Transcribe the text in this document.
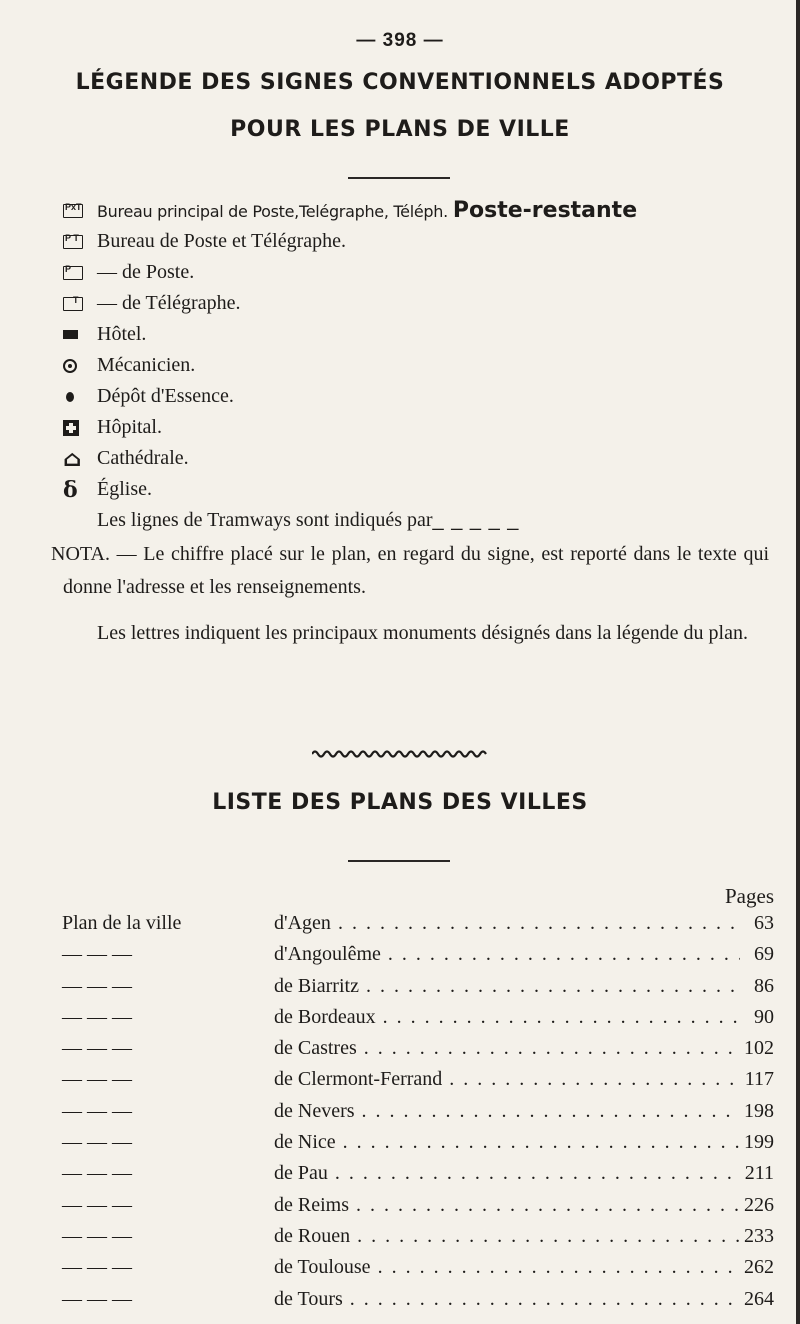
— 398 —
LÉGENDE DES SIGNES CONVENTIONNELS ADOPTÉS
POUR LES PLANS DE VILLE
PxT Bureau principal de Poste,Telégraphe, Téléph. Poste-restante
P T Bureau de Poste et Télégraphe.
P — de Poste.
T — de Télégraphe.
Hôtel.
Mécanicien.
Dépôt d'Essence.
Hôpital.
⌂ Cathédrale.
δ Église.
Les lignes de Tramways sont indiqués par_ _ _ _ _

NOTA. — Le chiffre placé sur le plan, en regard du signe, est reporté dans le texte qui donne l'adresse et les renseignements.

Les lettres indiquent les principaux monuments désignés dans la légende du plan.

LISTE DES PLANS DES VILLES
Pages
Plan de la ville	d'Agen . . .	63
— — —	d'Angoulême . . .	69
— — —	de Biarritz . . .	86
— — —	de Bordeaux . . .	90
— — —	de Castres . . .	102
— — —	de Clermont-Ferrand . . .	117
— — —	de Nevers . . .	198
— — —	de Nice . . .	199
— — —	de Pau . . .	211
— — —	de Reims . . .	226
— — —	de Rouen . . .	233
— — —	de Toulouse . . .	262
— — —	de Tours . . .	264
